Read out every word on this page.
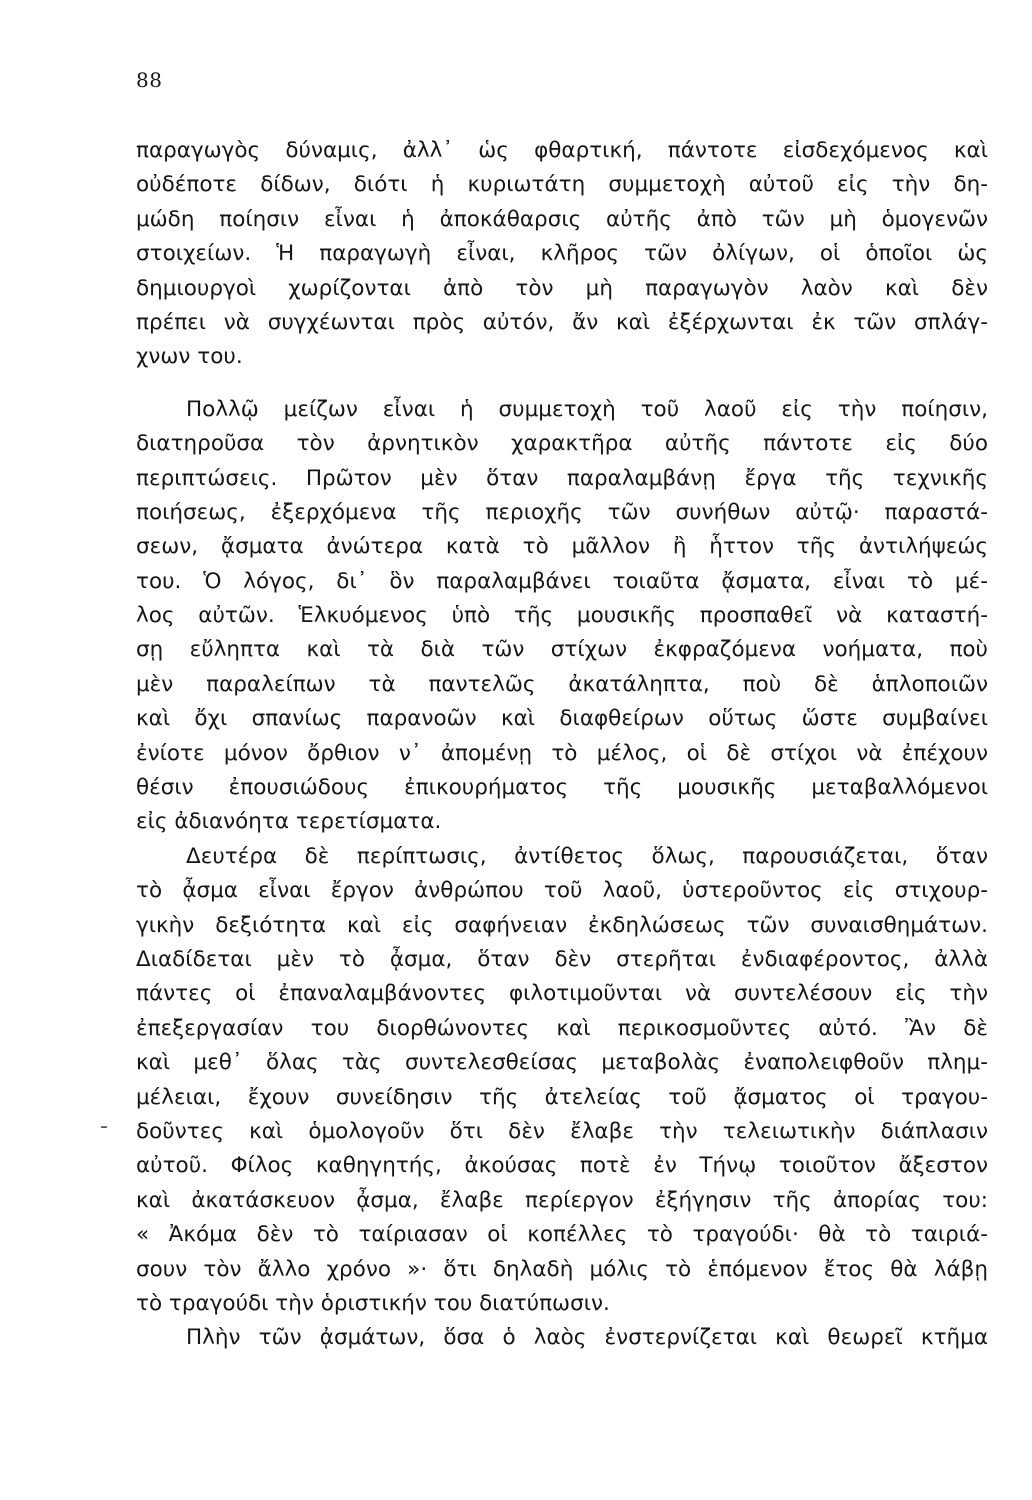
88
‐
παραγωγὸς δύναμις, ἀλλ᾽ ὡς φθαρτική, πάντοτε εἰσδεχόμενος καὶ
οὐδέποτε δίδων, διότι ἡ κυριωτάτη συμμετοχὴ αὐτοῦ εἰς τὴν δη-
μώδη ποίησιν εἶναι ἡ ἀποκάθαρσις αὐτῆς ἀπὸ τῶν μὴ ὁμογενῶν
στοιχείων. Ἡ παραγωγὴ εἶναι, κλῆρος τῶν ὀλίγων, οἱ ὁποῖοι ὡς
δημιουργοὶ χωρίζονται ἀπὸ τὸν μὴ παραγωγὸν λαὸν καὶ δὲν
πρέπει νὰ συγχέωνται πρὸς αὐτόν, ἄν καὶ ἐξέρχωνται ἐκ τῶν σπλάγ-
χνων του.
Πολλῷ μείζων εἶναι ἡ συμμετοχὴ τοῦ λαοῦ εἰς τὴν ποίησιν,
διατηροῦσα τὸν ἀρνητικὸν χαρακτῆρα αὐτῆς πάντοτε εἰς δύο
περιπτώσεις. Πρῶτον μὲν ὅταν παραλαμβάνῃ ἔργα τῆς τεχνικῆς
ποιήσεως, ἐξερχόμενα τῆς περιοχῆς τῶν συνήθων αὐτῷ· παραστά-
σεων, ᾄσματα ἀνώτερα κατὰ τὸ μᾶλλον ἢ ἧττον τῆς ἀντιλήψεώς
του. Ὁ λόγος, δι᾽ ὃν παραλαμβάνει τοιαῦτα ᾄσματα, εἶναι τὸ μέ-
λος αὐτῶν. Ἑλκυόμενος ὑπὸ τῆς μουσικῆς προσπαθεῖ νὰ καταστή-
σῃ εὔληπτα καὶ τὰ διὰ τῶν στίχων ἐκφραζόμενα νοήματα, ποὺ
μὲν παραλείπων τὰ παντελῶς ἀκατάληπτα, ποὺ δὲ ἁπλοποιῶν
καὶ ὄχι σπανίως παρανοῶν καὶ διαφθείρων οὕτως ὥστε συμβαίνει
ἐνίοτε μόνον ὄρθιον ν᾽ ἀπομένῃ τὸ μέλος, οἱ δὲ στίχοι νὰ ἐπέχουν
θέσιν ἐπουσιώδους ἐπικουρήματος τῆς μουσικῆς μεταβαλλόμενοι
εἰς ἀδιανόητα τερετίσματα.
Δευτέρα δὲ περίπτωσις, ἀντίθετος ὅλως, παρουσιάζεται, ὅταν
τὸ ᾆσμα εἶναι ἔργον ἀνθρώπου τοῦ λαοῦ, ὑστεροῦντος εἰς στιχουρ-
γικὴν δεξιότητα καὶ εἰς σαφήνειαν ἐκδηλώσεως τῶν συναισθημάτων.
Διαδίδεται μὲν τὸ ᾆσμα, ὅταν δὲν στερῆται ἐνδιαφέροντος, ἀλλὰ
πάντες οἱ ἐπαναλαμβάνοντες φιλοτιμοῦνται νὰ συντελέσουν εἰς τὴν
ἐπεξεργασίαν του διορθώνοντες καὶ περικοσμοῦντες αὐτό. Ἂν δὲ
καὶ μεθ᾽ ὅλας τὰς συντελεσθείσας μεταβολὰς ἐναπολειφθοῦν πλημ-
μέλειαι, ἔχουν συνείδησιν τῆς ἀτελείας τοῦ ᾄσματος οἱ τραγου-
δοῦντες καὶ ὁμολογοῦν ὅτι δὲν ἔλαβε τὴν τελειωτικὴν διάπλασιν
αὐτοῦ. Φίλος καθηγητής, ἀκούσας ποτὲ ἐν Τήνῳ τοιοῦτον ἄξεστον
καὶ ἀκατάσκευον ᾆσμα, ἔλαβε περίεργον ἐξήγησιν τῆς ἀπορίας του:
« Ἀκόμα δὲν τὸ ταίριασαν οἱ κοπέλλες τὸ τραγούδι· θὰ τὸ ταιριά-
σουν τὸν ἄλλο χρόνο »· ὅτι δηλαδὴ μόλις τὸ ἑπόμενον ἔτος θὰ λάβῃ
τὸ τραγούδι τὴν ὁριστικήν του διατύπωσιν.
Πλὴν τῶν ᾀσμάτων, ὅσα ὁ λαὸς ἐνστερνίζεται καὶ θεωρεῖ κτῆμα
